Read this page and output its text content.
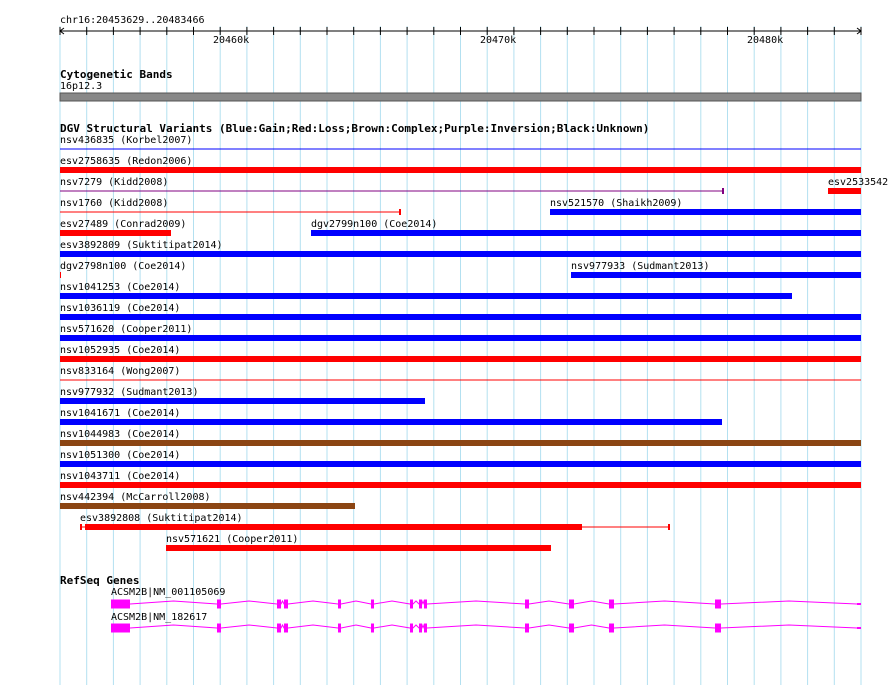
chr16:20453629..20483466
20460k	20470k	20480k
Cytogenetic Bands
16p12.3
DGV Structural Variants (Blue:Gain;Red:Loss;Brown:Complex;Purple:Inversion;Black:Unknown)
nsv436835 (Korbel2007)
esv2758635 (Redon2006)
nsv7279 (Kidd2008)	esv2533542
nsv1760 (Kidd2008)	nsv521570 (Shaikh2009)
esv27489 (Conrad2009)	dgv2799n100 (Coe2014)
esv3892809 (Suktitipat2014)
dgv2798n100 (Coe2014)	nsv977933 (Sudmant2013)
nsv1041253 (Coe2014)
nsv1036119 (Coe2014)
nsv571620 (Cooper2011)
nsv1052935 (Coe2014)
nsv833164 (Wong2007)
nsv977932 (Sudmant2013)
nsv1041671 (Coe2014)
nsv1044983 (Coe2014)
nsv1051300 (Coe2014)
nsv1043711 (Coe2014)
nsv442394 (McCarroll2008)
esv3892808 (Suktitipat2014)
nsv571621 (Cooper2011)
RefSeq Genes
ACSM2B|NM_001105069
ACSM2B|NM_182617
